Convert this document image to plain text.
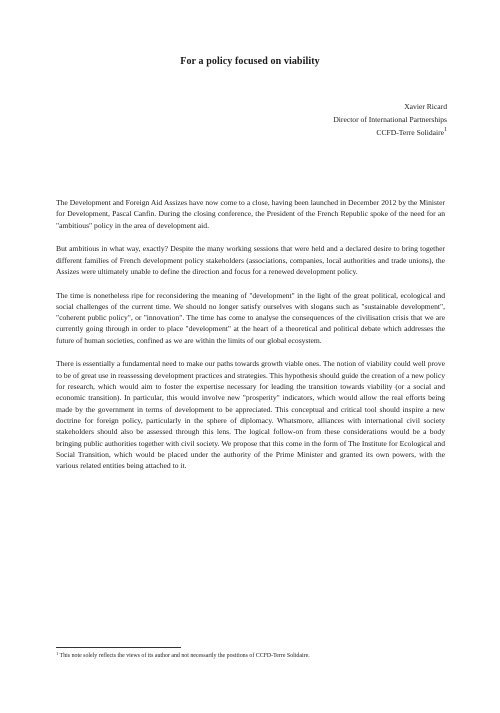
For a policy focused on viability
Xavier Ricard
Director of International Partnerships
CCFD-Terre Solidaire$^1$

The Development and Foreign Aid Assizes have now come to a close, having been launched in December 2012 by the Minister for Development, Pascal Canfin. During the closing conference, the President of the French Republic spoke of the need for an "ambitious" policy in the area of development aid.

But ambitious in what way, exactly? Despite the many working sessions that were held and a declared desire to bring together different families of French development policy stakeholders (associations, companies, local authorities and trade unions), the Assizes were ultimately unable to define the direction and focus for a renewed development policy.

The time is nonetheless ripe for reconsidering the meaning of "development" in the light of the great political, ecological and social challenges of the current time. We should no longer satisfy ourselves with slogans such as "sustainable development", "coherent public policy", or "innovation". The time has come to analyse the consequences of the civilisation crisis that we are currently going through in order to place "development" at the heart of a theoretical and political debate which addresses the future of human societies, confined as we are within the limits of our global ecosystem.

There is essentially a fundamental need to make our paths towards growth viable ones. The notion of viability could well prove to be of great use in reassessing development practices and strategies. This hypothesis should guide the creation of a new policy for research, which would aim to foster the expertise necessary for leading the transition towards viability (or a social and economic transition). In particular, this would involve new "prosperity" indicators, which would allow the real efforts being made by the government in terms of development to be appreciated. This conceptual and critical tool should inspire a new doctrine for foreign policy, particularly in the sphere of diplomacy. Whatsmore, alliances with international civil society stakeholders should also be assessed through this lens. The logical follow-on from these considerations would be a body bringing public authorities together with civil society. We propose that this come in the form of The Institute for Ecological and Social Transition, which would be placed under the authority of the Prime Minister and granted its own powers, with the various related entities being attached to it.

$^1$ This note solely reflects the views of its author and not necessarily the positions of CCFD-Terre Solidaire.
